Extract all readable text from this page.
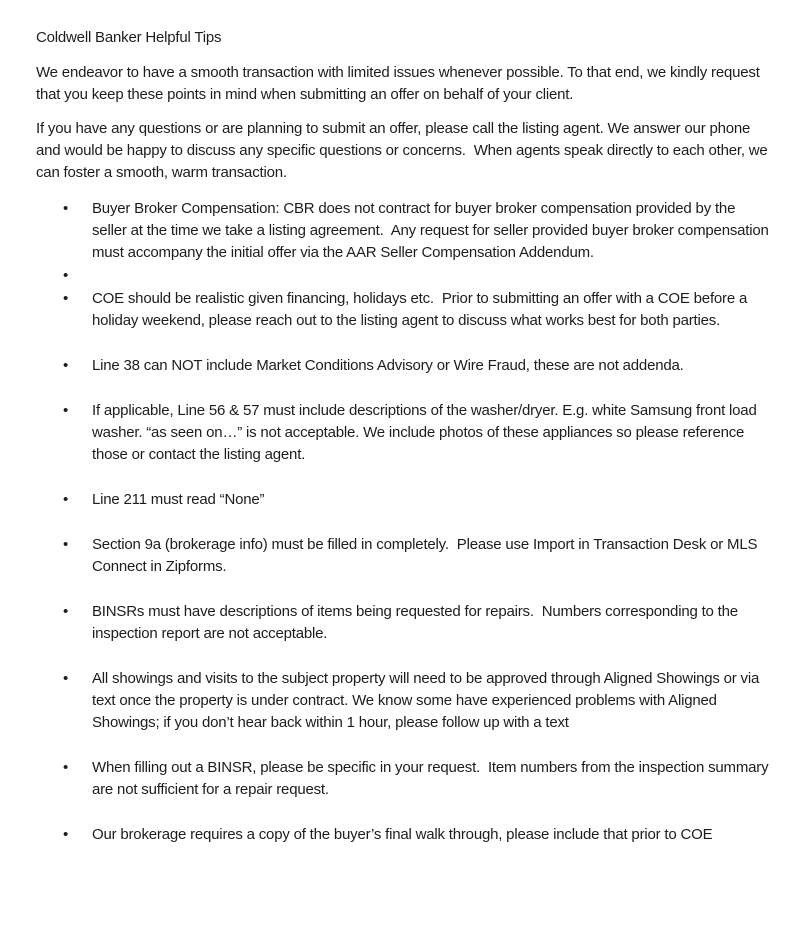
Coldwell Banker Helpful Tips

We endeavor to have a smooth transaction with limited issues whenever possible. To that end, we kindly request that you keep these points in mind when submitting an offer on behalf of your client.

If you have any questions or are planning to submit an offer, please call the listing agent. We answer our phone and would be happy to discuss any specific questions or concerns.  When agents speak directly to each other, we can foster a smooth, warm transaction.

•	Buyer Broker Compensation: CBR does not contract for buyer broker compensation provided by the seller at the time we take a listing agreement.  Any request for seller provided buyer broker compensation must accompany the initial offer via the AAR Seller Compensation Addendum.
•
•	COE should be realistic given financing, holidays etc.  Prior to submitting an offer with a COE before a holiday weekend, please reach out to the listing agent to discuss what works best for both parties.
•	Line 38 can NOT include Market Conditions Advisory or Wire Fraud, these are not addenda.
•	If applicable, Line 56 & 57 must include descriptions of the washer/dryer. E.g. white Samsung front load washer. “as seen on…” is not acceptable. We include photos of these appliances so please reference those or contact the listing agent.
•	Line 211 must read “None”
•	Section 9a (brokerage info) must be filled in completely.  Please use Import in Transaction Desk or MLS Connect in Zipforms.
•	BINSRs must have descriptions of items being requested for repairs.  Numbers corresponding to the inspection report are not acceptable.
•	All showings and visits to the subject property will need to be approved through Aligned Showings or via text once the property is under contract. We know some have experienced problems with Aligned Showings; if you don’t hear back within 1 hour, please follow up with a text
•	When filling out a BINSR, please be specific in your request.  Item numbers from the inspection summary are not sufficient for a repair request.
•	Our brokerage requires a copy of the buyer’s final walk through, please include that prior to COE
